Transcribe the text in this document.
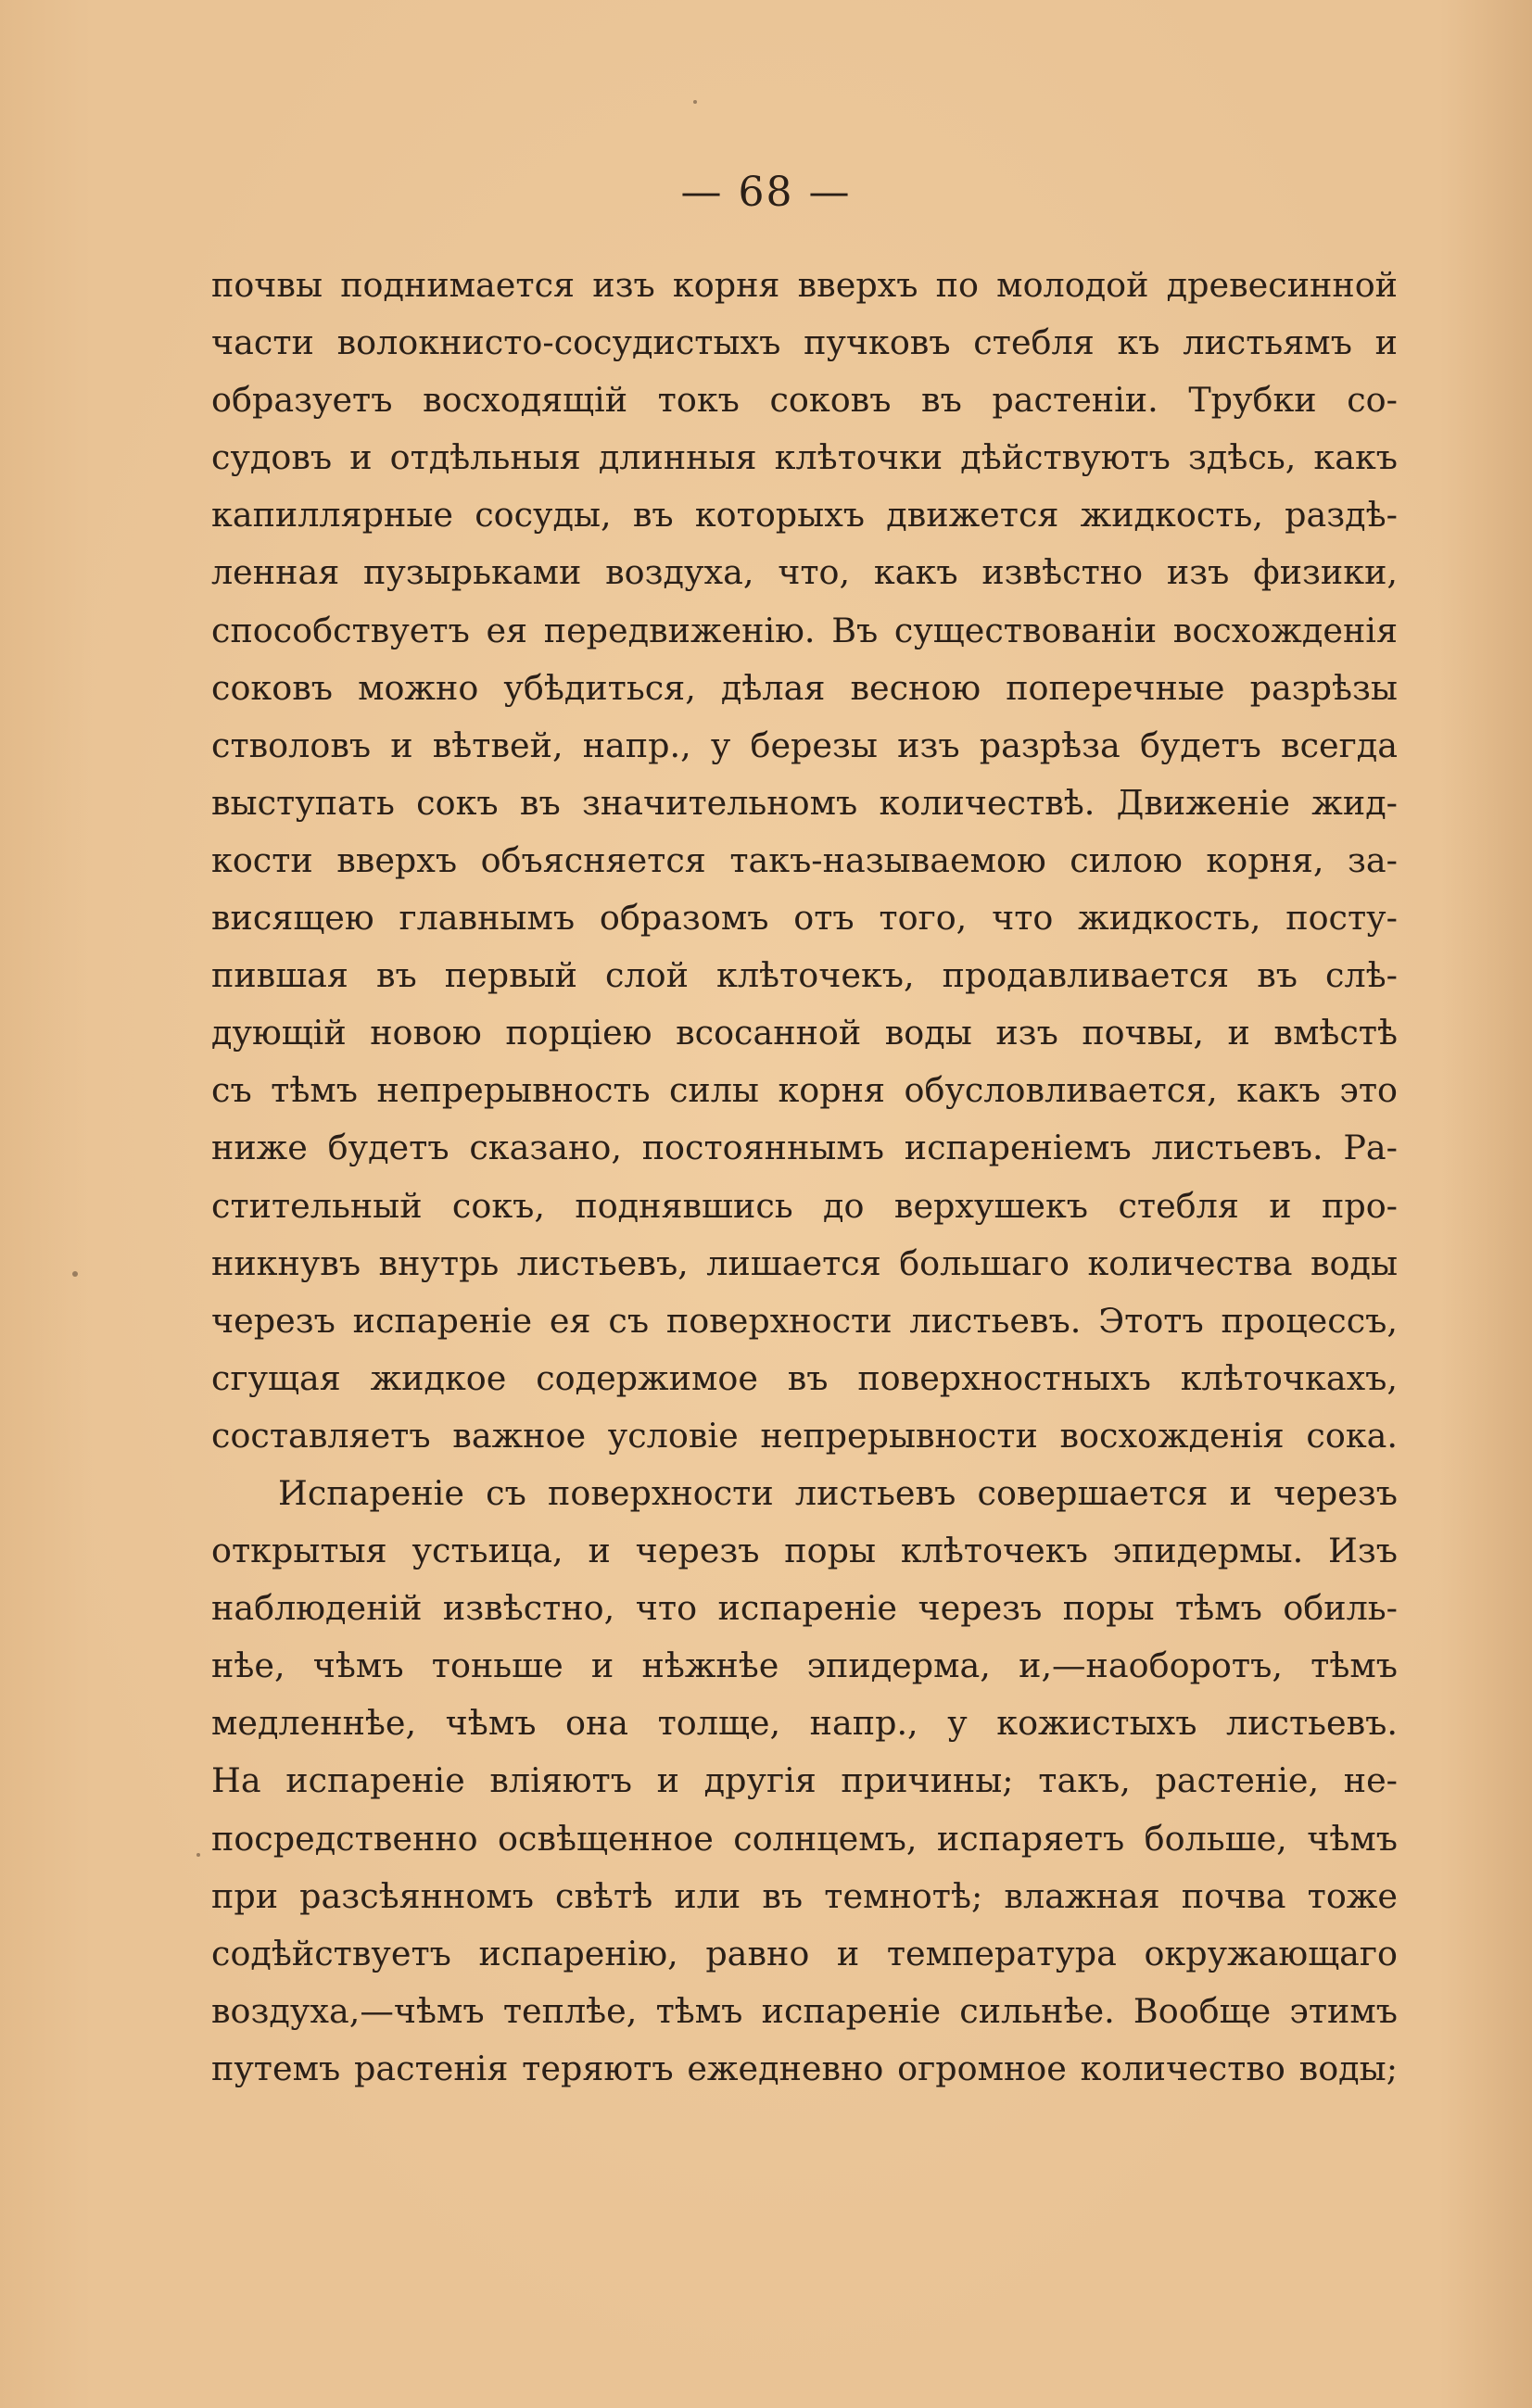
— 68 —
почвы поднимается изъ корня вверхъ по молодой древесинной
части волокнисто-сосудистыхъ пучковъ стебля къ листьямъ и
образуетъ восходящій токъ соковъ въ растеніи. Трубки со-
судовъ и отдѣльныя длинныя клѣточки дѣйствуютъ здѣсь, какъ
капиллярные сосуды, въ которыхъ движется жидкость, раздѣ-
ленная пузырьками воздуха, что, какъ извѣстно изъ физики,
способствуетъ ея передвиженію. Въ существованіи восхожденія
соковъ можно убѣдиться, дѣлая весною поперечные разрѣзы
стволовъ и вѣтвей, напр., у березы изъ разрѣза будетъ всегда
выступать сокъ въ значительномъ количествѣ. Движеніе жид-
кости вверхъ объясняется такъ-называемою силою корня, за-
висящею главнымъ образомъ отъ того, что жидкость, посту-
пившая въ первый слой клѣточекъ, продавливается въ слѣ-
дующій новою порціею всосанной воды изъ почвы, и вмѣстѣ
съ тѣмъ непрерывность силы корня обусловливается, какъ это
ниже будетъ сказано, постояннымъ испареніемъ листьевъ. Ра-
стительный сокъ, поднявшись до верхушекъ стебля и про-
никнувъ внутрь листьевъ, лишается большаго количества воды
черезъ испареніе ея съ поверхности листьевъ. Этотъ процессъ,
сгущая жидкое содержимое въ поверхностныхъ клѣточкахъ,
составляетъ важное условіе непрерывности восхожденія сока.
Испареніе съ поверхности листьевъ совершается и черезъ
открытыя устьица, и черезъ поры клѣточекъ эпидермы. Изъ
наблюденій извѣстно, что испареніе черезъ поры тѣмъ обиль-
нѣе, чѣмъ тоньше и нѣжнѣе эпидерма, и,—наоборотъ, тѣмъ
медленнѣе, чѣмъ она толще, напр., у кожистыхъ листьевъ.
На испареніе вліяютъ и другія причины; такъ, растеніе, не-
посредственно освѣщенное солнцемъ, испаряетъ больше, чѣмъ
при разсѣянномъ свѣтѣ или въ темнотѣ; влажная почва тоже
содѣйствуетъ испаренію, равно и температура окружающаго
воздуха,—чѣмъ теплѣе, тѣмъ испареніе сильнѣе. Вообще этимъ
путемъ растенія теряютъ ежедневно огромное количество воды;
